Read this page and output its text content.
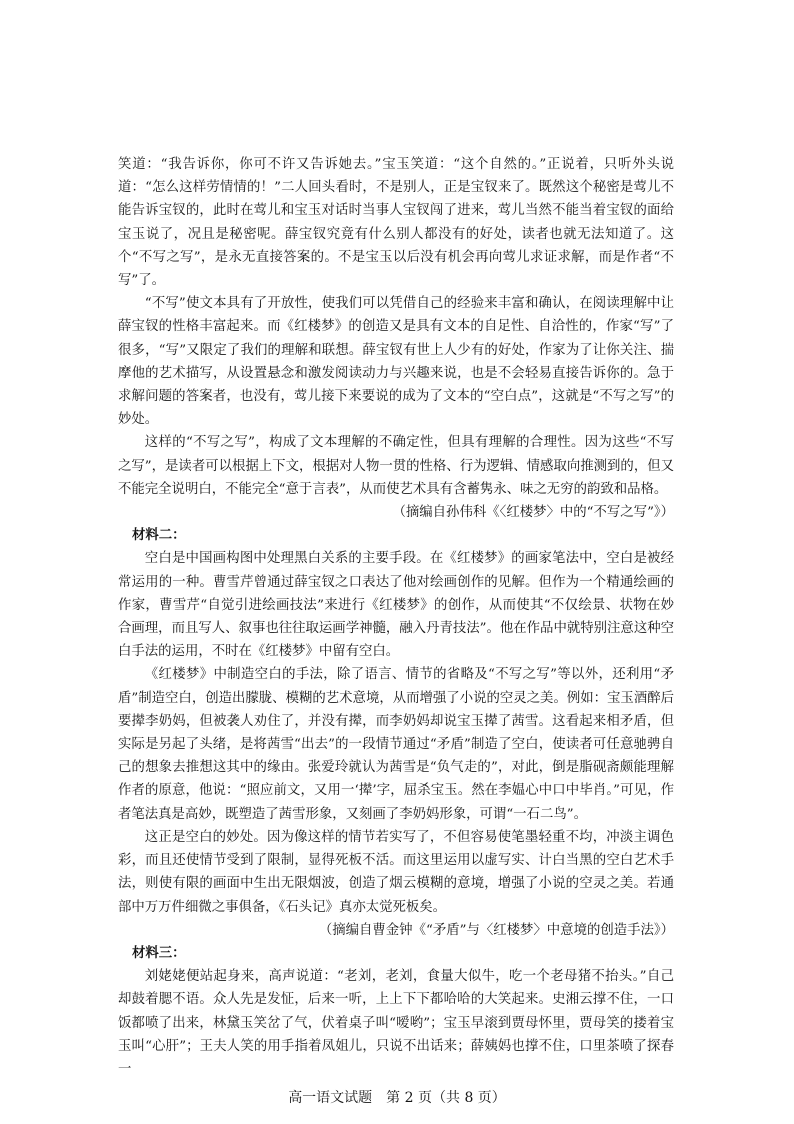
笑道：“我告诉你，你可不许又告诉她去。”宝玉笑道：“这个自然的。”正说着，只听外头说道：“怎么这样劳情情的！”二人回头看时，不是别人，正是宝钗来了。既然这个秘密是莺儿不能告诉宝钗的，此时在莺儿和宝玉对话时当事人宝钗闯了进来，莺儿当然不能当着宝钗的面给宝玉说了，况且是秘密呢。薛宝钗究竟有什么别人都没有的好处，读者也就无法知道了。这个“不写之写”，是永无直接答案的。不是宝玉以后没有机会再向莺儿求证求解，而是作者“不写”了。

“不写”使文本具有了开放性，使我们可以凭借自己的经验来丰富和确认，在阅读理解中让薛宝钗的性格丰富起来。而《红楼梦》的创造又是具有文本的自足性、自洽性的，作家“写”了很多，“写”又限定了我们的理解和联想。薛宝钗有世上人少有的好处，作家为了让你关注、揣摩他的艺术描写，从设置悬念和激发阅读动力与兴趣来说，也是不会轻易直接告诉你的。急于求解问题的答案者，也没有，莺儿接下来要说的成为了文本的“空白点”，这就是“不写之写”的妙处。

这样的“不写之写”，构成了文本理解的不确定性，但具有理解的合理性。因为这些“不写之写”，是读者可以根据上下文，根据对人物一贯的性格、行为逻辑、情感取向推测到的，但又不能完全说明白，不能完全“意于言表”，从而使艺术具有含蓄隽永、味之无穷的韵致和品格。

（摘编自孙伟科《〈红楼梦〉中的“不写之写”》）

材料二：

空白是中国画构图中处理黑白关系的主要手段。在《红楼梦》的画家笔法中，空白是被经常运用的一种。曹雪芹曾通过薛宝钗之口表达了他对绘画创作的见解。但作为一个精通绘画的作家，曹雪芹“自觉引进绘画技法”来进行《红楼梦》的创作，从而使其“不仅绘景、状物在妙合画理，而且写人、叙事也往往取运画学神髓，融入丹青技法”。他在作品中就特别注意这种空白手法的运用，不时在《红楼梦》中留有空白。

《红楼梦》中制造空白的手法，除了语言、情节的省略及“不写之写”等以外，还利用“矛盾”制造空白，创造出朦胧、模糊的艺术意境，从而增强了小说的空灵之美。例如：宝玉酒醉后要撵李奶妈，但被袭人劝住了，并没有撵，而李奶妈却说宝玉撵了茜雪。这看起来相矛盾，但实际是另起了头绪，是将茜雪“出去”的一段情节通过“矛盾”制造了空白，使读者可任意驰骋自己的想象去推想这其中的缘由。张爱玲就认为茜雪是“负气走的”，对此，倒是脂砚斋颇能理解作者的原意，他说：“照应前文，又用一‘撵’字，屈杀宝玉。然在李媪心中口中毕肖。”可见，作者笔法真是高妙，既塑造了茜雪形象，又刻画了李奶妈形象，可谓“一石二鸟”。

这正是空白的妙处。因为像这样的情节若实写了，不但容易使笔墨轻重不均，冲淡主调色彩，而且还使情节受到了限制，显得死板不活。而这里运用以虚写实、计白当黑的空白艺术手法，则使有限的画面中生出无限烟波，创造了烟云模糊的意境，增强了小说的空灵之美。若通部中万万件细微之事俱备，《石头记》真亦太觉死板矣。

（摘编自曹金钟《“矛盾”与〈红楼梦〉中意境的创造手法》）

材料三：

刘姥姥便站起身来，高声说道：“老刘，老刘，食量大似牛，吃一个老母猪不抬头。”自己却鼓着腮不语。众人先是发怔，后来一听，上上下下都哈哈的大笑起来。史湘云撑不住，一口饭都喷了出来，林黛玉笑岔了气，伏着桌子叫“嗳哟”；宝玉早滚到贾母怀里，贾母笑的搂着宝玉叫“心肝”；王夫人笑的用手指着凤姐儿，只说不出话来；薛姨妈也撑不住，口里茶喷了探春一

高一语文试题　第 2 页（共 8 页）
